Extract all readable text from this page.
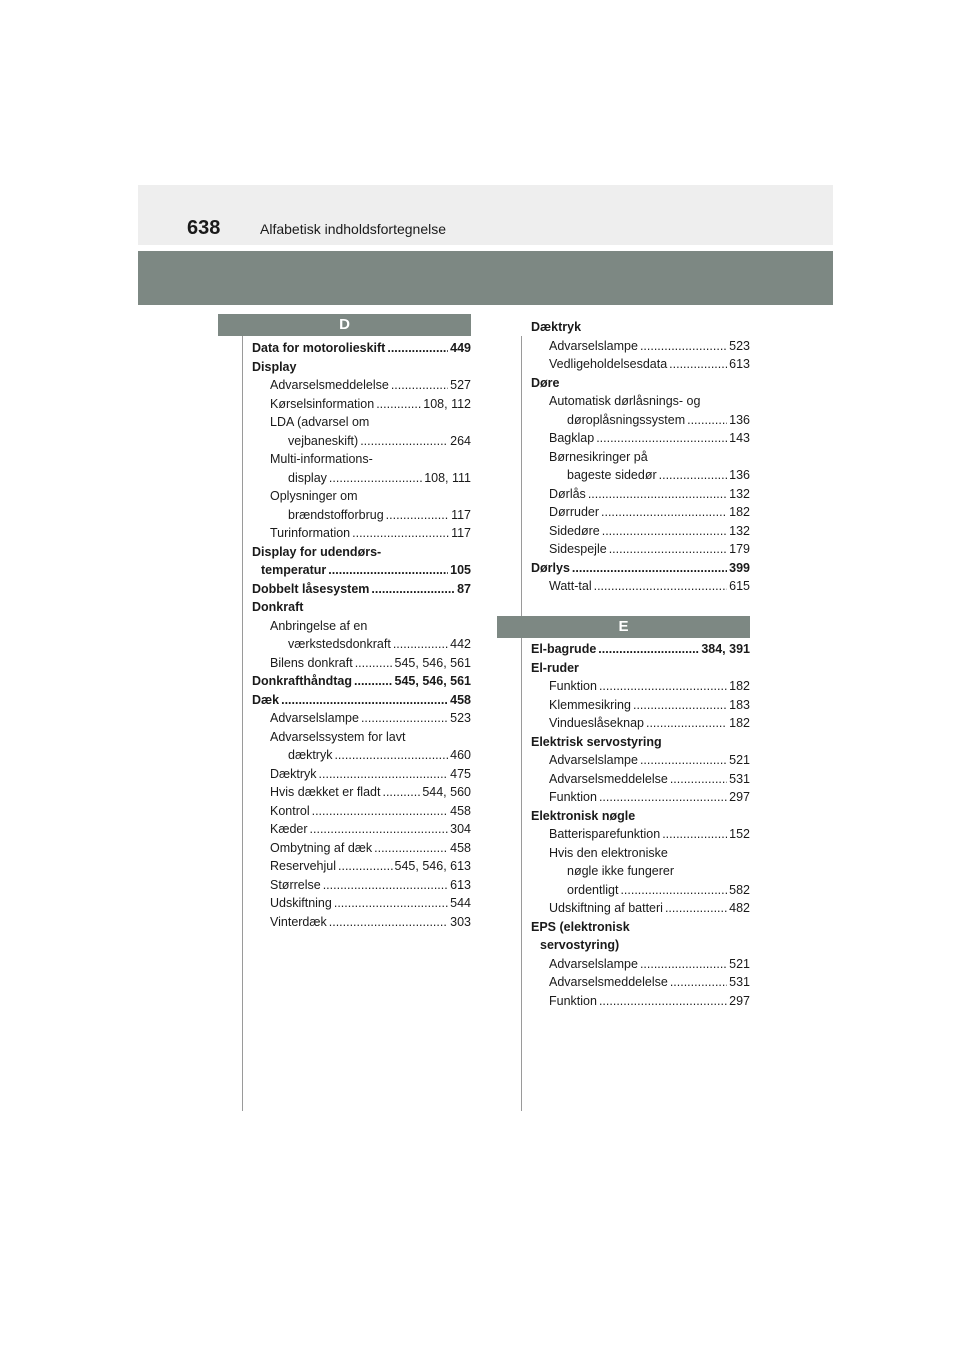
638	Alfabetisk indholdsfortegnelse
D
Data for motorolieskift .....	449
Display
Advarselsmeddelelse .....	527
Kørselsinformation .....	108, 112
LDA (advarsel om
vejbaneskift) .....	264
Multi-informations-
display .....	108, 111
Oplysninger om
brændstofforbrug .....	117
Turinformation .....	117
Display for udendørs-
temperatur .....	105
Dobbelt låsesystem .....	87
Donkraft
Anbringelse af en
værkstedsdonkraft .....	442
Bilens donkraft .....	545, 546, 561
Donkrafthåndtag .....	545, 546, 561
Dæk .....	458
Advarselslampe .....	523
Advarselssystem for lavt
dæktryk .....	460
Dæktryk .....	475
Hvis dækket er fladt .....	544, 560
Kontrol .....	458
Kæder .....	304
Ombytning af dæk .....	458
Reservehjul .....	545, 546, 613
Størrelse .....	613
Udskiftning .....	544
Vinterdæk .....	303
Dæktryk
Advarselslampe .....	523
Vedligeholdelsesdata .....	613
Døre
Automatisk dørlåsnings- og
døroplåsningssystem .....	136
Bagklap .....	143
Børnesikringer på
bageste sidedør .....	136
Dørlås .....	132
Dørruder .....	182
Sidedøre .....	132
Sidespejle .....	179
Dørlys .....	399
Watt-tal .....	615
E
El-bagrude .....	384, 391
El-ruder
Funktion .....	182
Klemmesikring .....	183
Vindueslåseknap .....	182
Elektrisk servostyring
Advarselslampe .....	521
Advarselsmeddelelse .....	531
Funktion .....	297
Elektronisk nøgle
Batterisparefunktion .....	152
Hvis den elektroniske
nøgle ikke fungerer
ordentligt .....	582
Udskiftning af batteri .....	482
EPS (elektronisk
servostyring)
Advarselslampe .....	521
Advarselsmeddelelse .....	531
Funktion .....	297
